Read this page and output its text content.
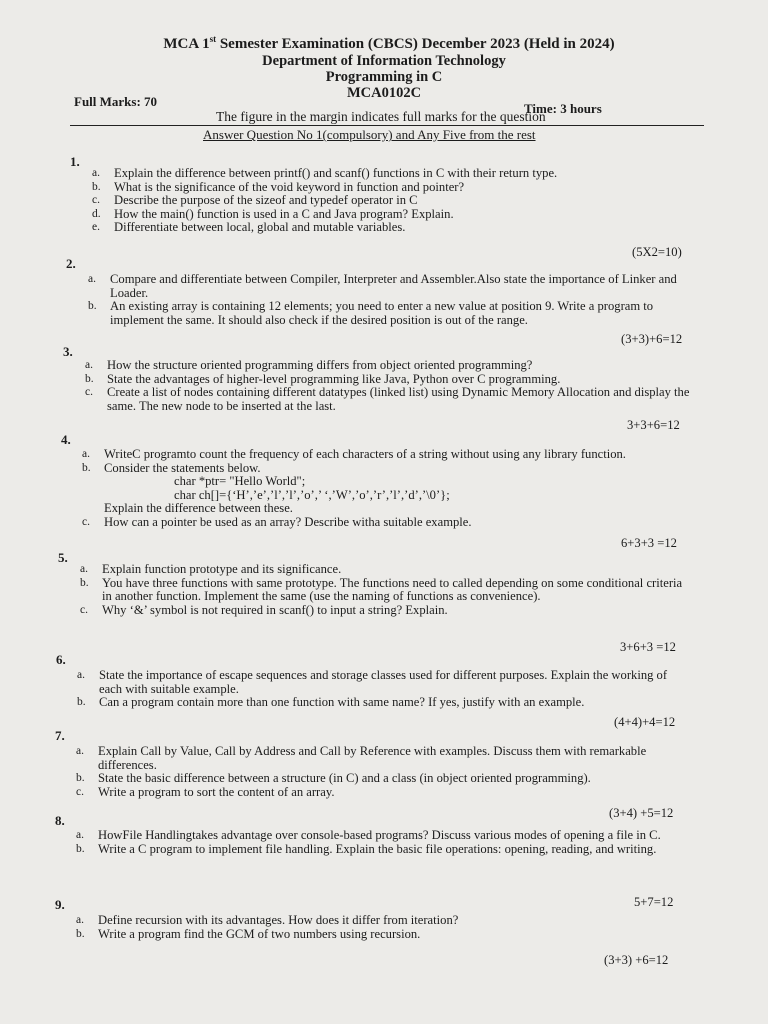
MCA 1st Semester Examination (CBCS) December 2023 (Held in 2024)
Department of Information Technology
Programming in C
MCA0102C
Full Marks: 70	Time: 3 hours
The figure in the margin indicates full marks for the question
Answer Question No 1(compulsory) and Any Five from the rest
1.
a.	Explain the difference between printf() and scanf() functions in C with their return type.
b.	What is the significance of the void keyword in function and pointer?
c.	Describe the purpose of the sizeof and typedef operator in C
d.	How the main() function is used in a C and Java program? Explain.
e.	Differentiate between local, global and mutable variables.
(5X2=10)
2.
a.	Compare and differentiate between Compiler, Interpreter and Assembler.Also state the importance of Linker and Loader.
b.	An existing array is containing 12 elements; you need to enter a new value at position 9. Write a program to implement the same. It should also check if the desired position is out of the range.
(3+3)+6=12
3.
a.	How the structure oriented programming differs from object oriented programming?
b.	State the advantages of higher-level programming like Java, Python over C programming.
c.	Create a list of nodes containing different datatypes (linked list) using Dynamic Memory Allocation and display the same. The new node to be inserted at the last.
3+3+6=12
4.
a.	WriteC programto count the frequency of each characters of a string without using any library function.
b.	Consider the statements below.
char *ptr= "Hello World";
char ch[]={‘H’,’e’,’l’,’l’,’o’,’ ‘,’W’,’o’,’r’,’l’,’d’,’\0’};
Explain the difference between these.
c.	How can a pointer be used as an array? Describe witha suitable example.
6+3+3 =12
5.
a.	Explain function prototype and its significance.
b.	You have three functions with same prototype. The functions need to called depending on some conditional criteria in another function. Implement the same (use the naming of functions as convenience).
c.	Why ‘&’ symbol is not required in scanf() to input a string? Explain.
3+6+3 =12
6.
a.	State the importance of escape sequences and storage classes used for different purposes. Explain the working of each with suitable example.
b.	Can a program contain more than one function with same name? If yes, justify with an example.
(4+4)+4=12
7.
a.	Explain Call by Value, Call by Address and Call by Reference with examples. Discuss them with remarkable differences.
b.	State the basic difference between a structure (in C) and a class (in object oriented programming).
c.	Write a program to sort the content of an array.
(3+4) +5=12
8.
a.	HowFile Handlingtakes advantage over console-based programs? Discuss various modes of opening a file in C.
b.	Write a C program to implement file handling. Explain the basic file operations: opening, reading, and writing.
5+7=12
9.
a.	Define recursion with its advantages. How does it differ from iteration?
b.	Write a program find the GCM of two numbers using recursion.
(3+3) +6=12
